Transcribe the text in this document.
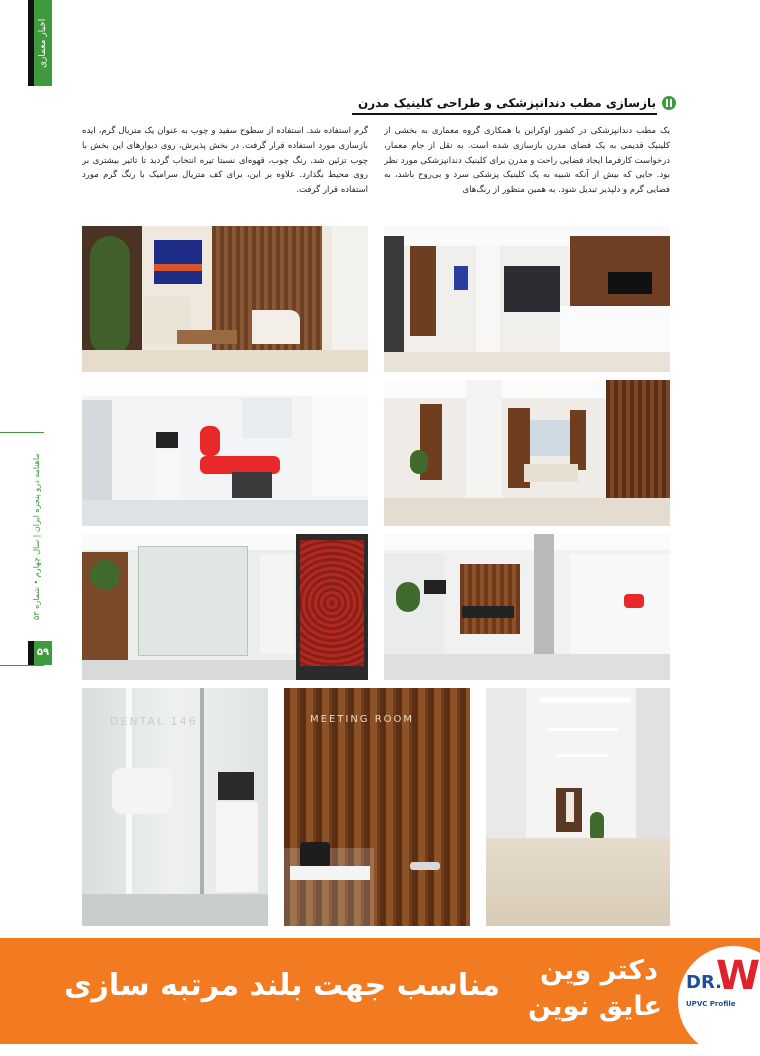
اخبار معماری
ماهنامه درو پنجره ایران | سال چهارم • شماره ۵۳
۵۹
بازسازی مطب دندانپزشکی و طراحی کلینیک مدرن
یک مطب دندانپزشکی در کشور اوکراین با همکاری گروه معماری به بخشی از کلینیک قدیمی به یک فضای مدرن بازسازی شده است. به نقل از جام معمار، درخواست کارفرما ایجاد فضایی راحت و مدرن برای کلینیک دندانپزشکی مورد نظر بود. جایی که بیش از آنکه شبیه به یک کلینیک پزشکی سرد و بی‌روح باشد، به فضایی گرم و دلپذیر تبدیل شود. به همین منظور از رنگ‌های
گرم استفاده شد. استفاده از سطوح سفید و چوب به عنوان یک متریال گرم، ایده بازسازی مورد استفاده قرار گرفت. در بخش پذیرش، روی دیوارهای این بخش با چوب تزئین شد. رنگ چوب، قهوه‌ای نسبتا تیره انتخاب گردید تا تاثیر بیشتری بر روی محیط بگذارد. علاوه بر این، برای کف متریال سرامیک با رنگ گرم مورد استفاده قرار گرفت.
DENTAL 146	MEETING ROOM
مناسب جهت بلند مرتبه سازی	دکتر وین
عایق نوین
DR.
W
UPVC Profile
